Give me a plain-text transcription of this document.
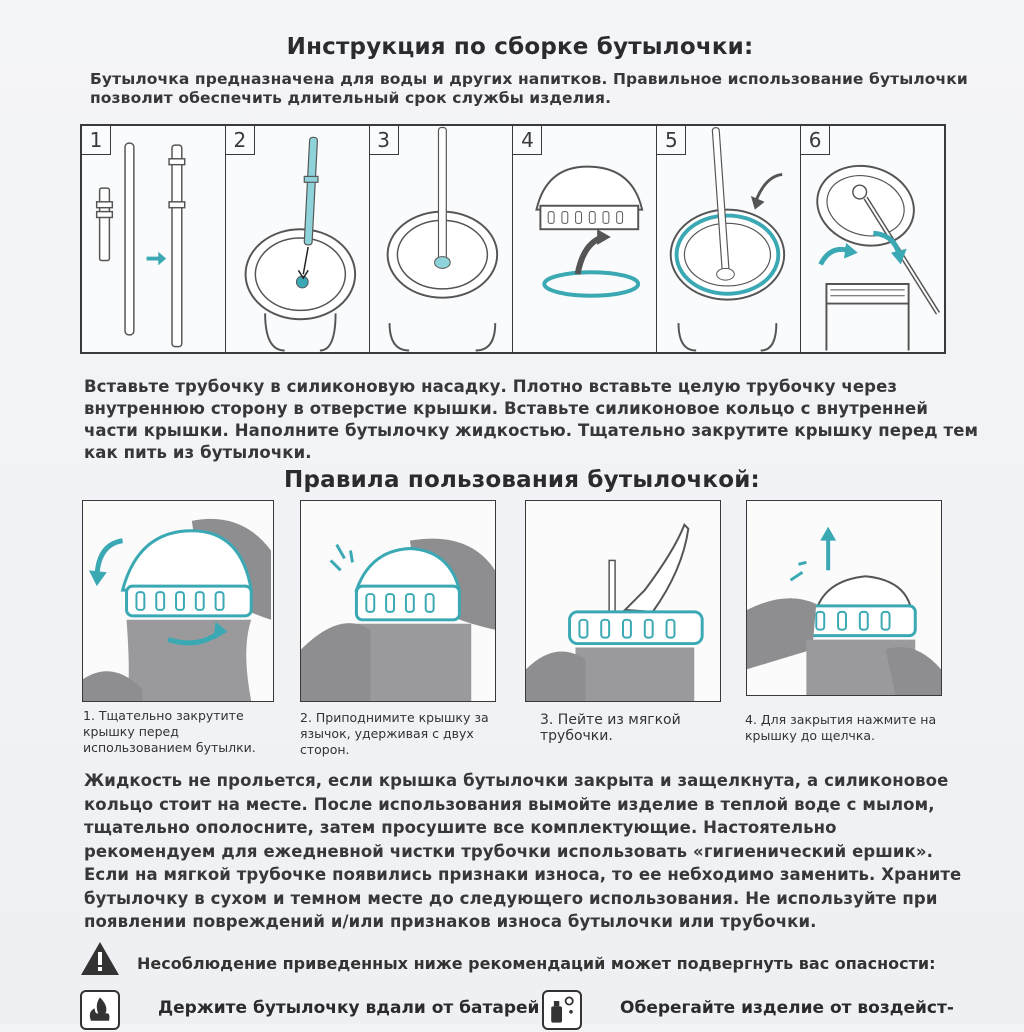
Инструкция по сборке бутылочки:
Бутылочка предназначена для воды и других напитков. Правильное использование бутылочки позволит обеспечить длительный срок службы изделия.
1	2	3	4	5	6
Вставьте трубочку в силиконовую насадку. Плотно вставьте целую трубочку через внутреннюю сторону в отверстие крышки. Вставьте силиконовое кольцо с внутренней части крышки. Наполните бутылочку жидкостью. Тщательно закрутите крышку перед тем как пить из бутылочки.
Правила пользования бутылочкой:
1. Тщательно закрутите крышку перед использованием бутылки.
2. Приподнимите крышку за язычок, удерживая с двух сторон.
3. Пейте из мягкой трубочки.
4. Для закрытия нажмите на крышку до щелчка.
Жидкость не прольется, если крышка бутылочки закрыта и защелкнута, а силиконовое кольцо стоит на месте. После использования вымойте изделие в теплой воде с мылом, тщательно ополосните, затем просушите все комплектующие. Настоятельно рекомендуем для ежедневной чистки трубочки использовать «гигиенический ершик». Если на мягкой трубочке появились признаки износа, то ее небходимо заменить. Храните бутылочку в сухом и темном месте до следующего использования. Не используйте при появлении повреждений и/или признаков износа бутылочки или трубочки.
Несоблюдение приведенных ниже рекомендаций может подвергнуть вас опасности:
Держите бутылочку вдали от батарей	Оберегайте изделие от воздейст-
